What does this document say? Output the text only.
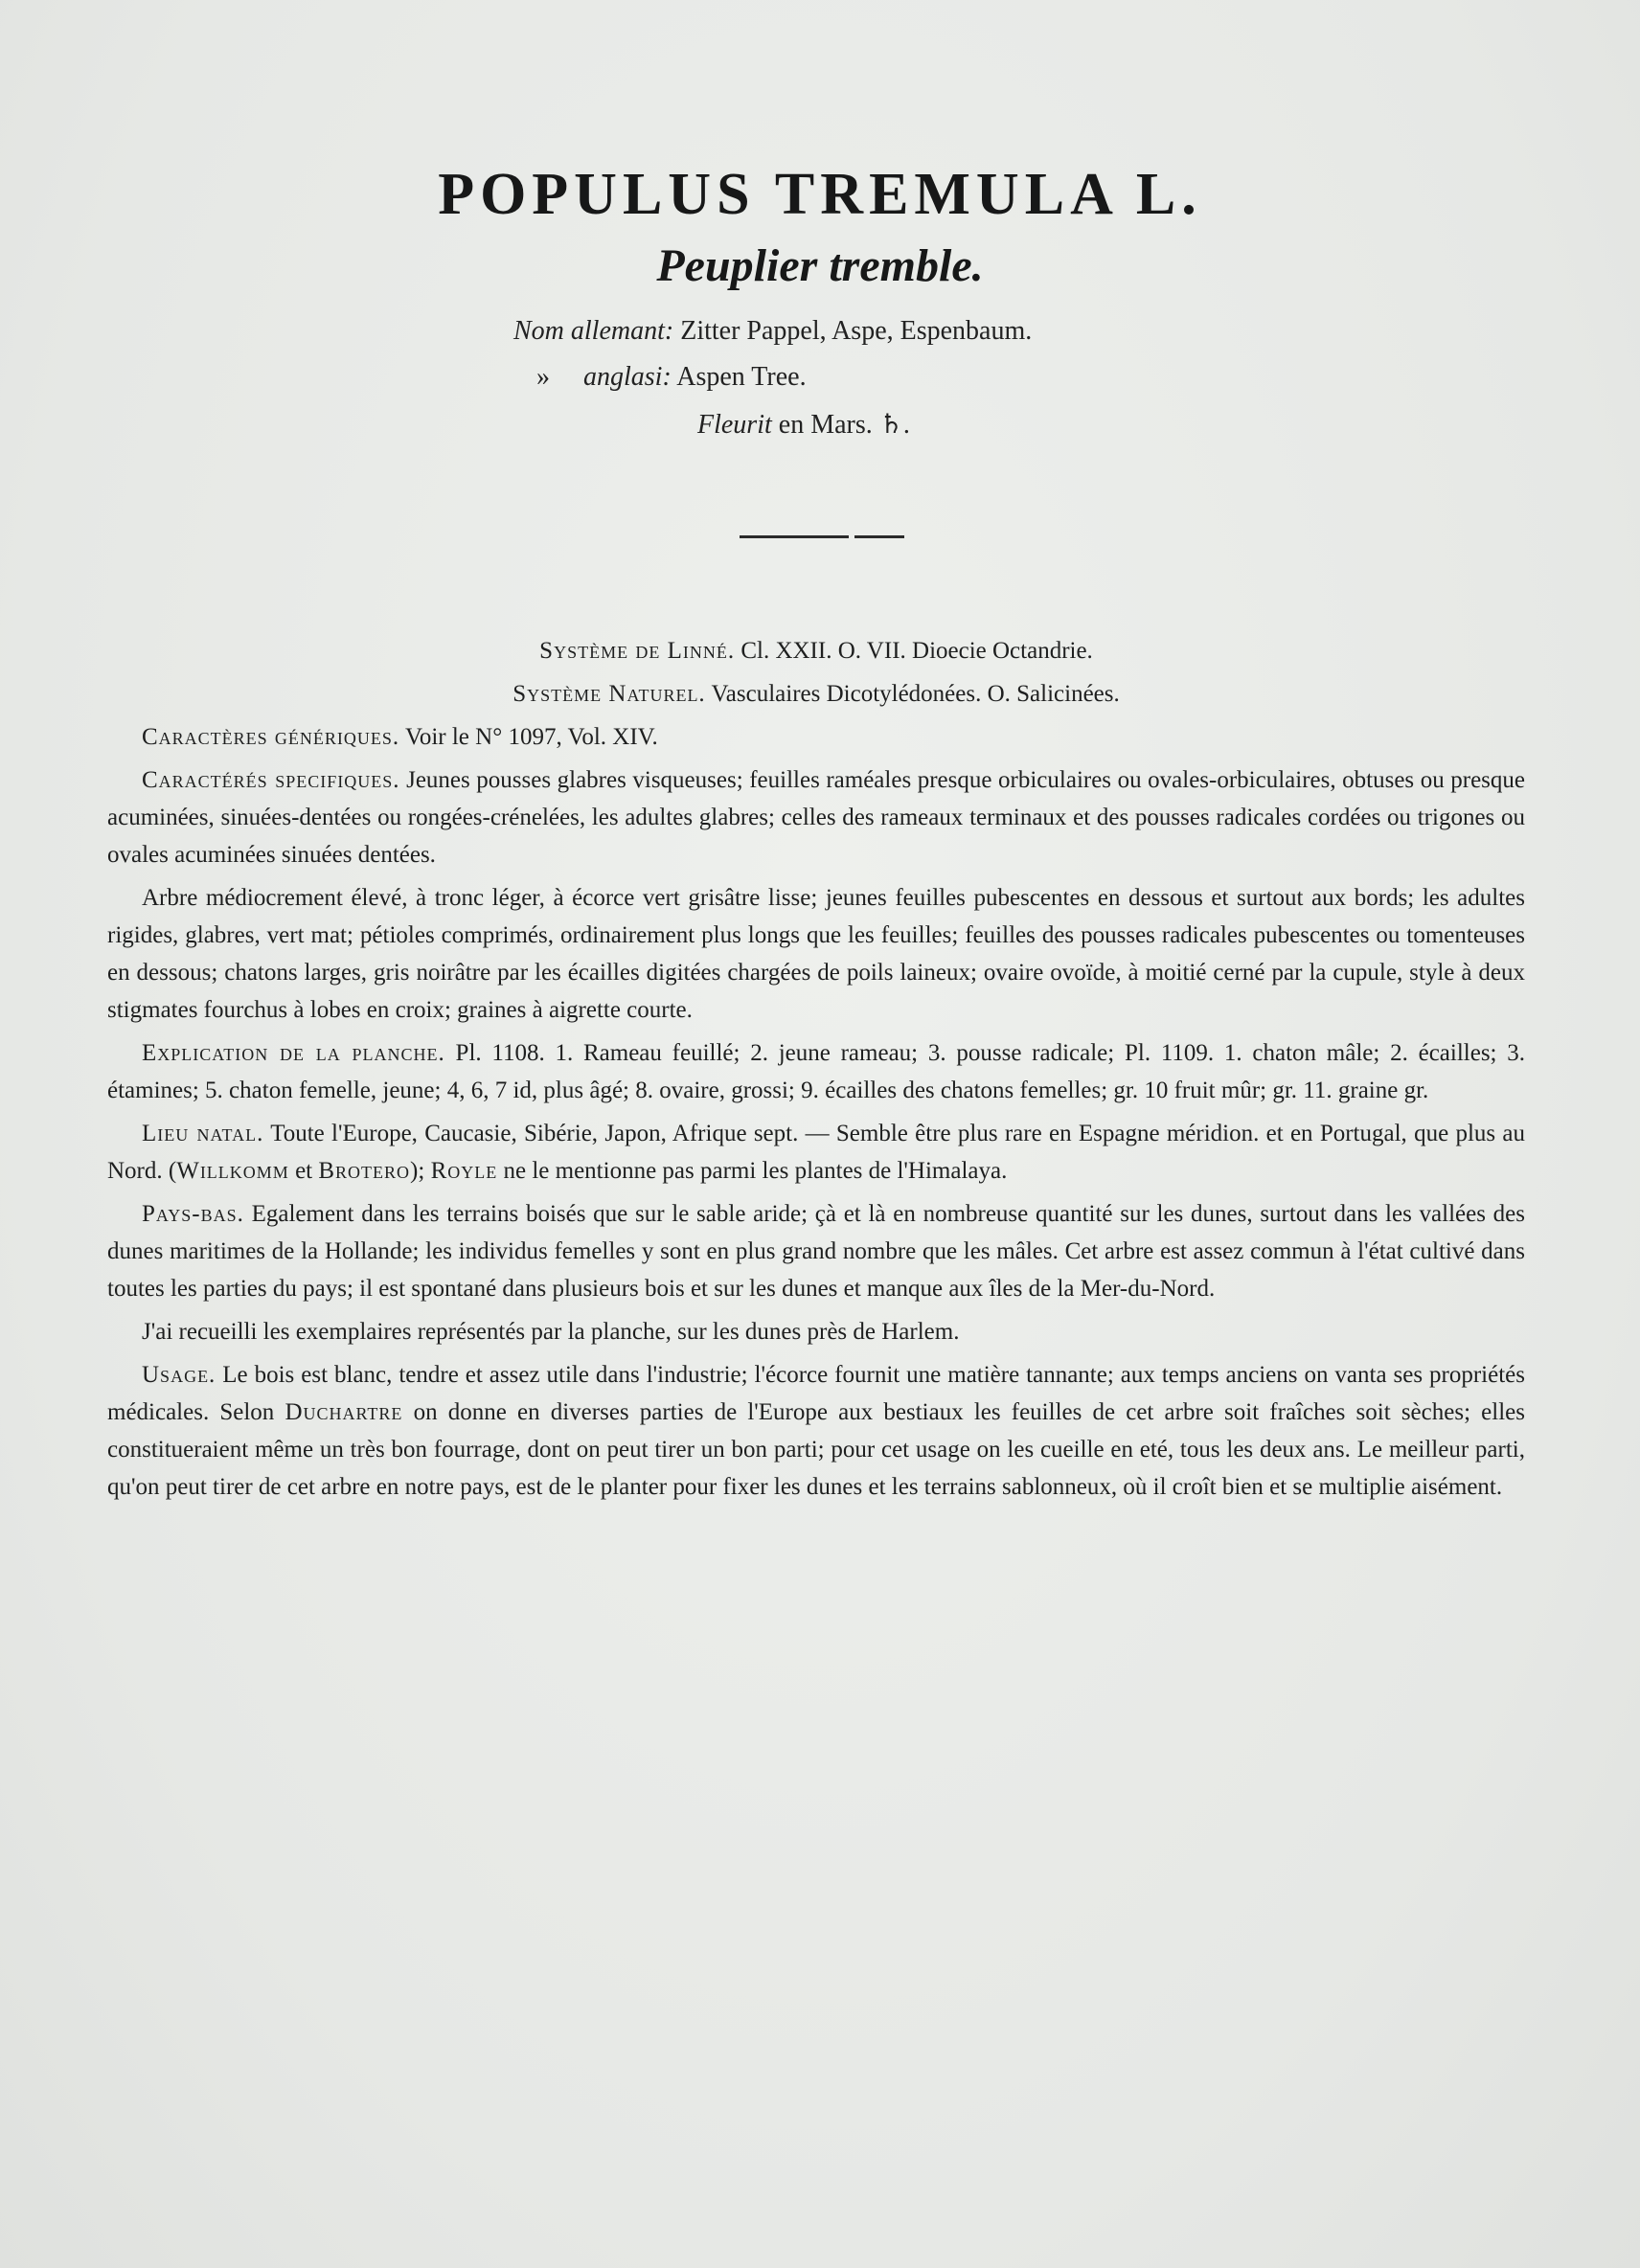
POPULUS TREMULA L.
Peuplier tremble.
Nom allemant: Zitter Pappel, Aspe, Espenbaum.
» anglasi: Aspen Tree.
Fleurit en Mars. ♄.

Système de Linné. Cl. XXII. O. VII. Dioecie Octandrie.

Système Naturel. Vasculaires Dicotylédonées. O. Salicinées.

Caractères génériques. Voir le N° 1097, Vol. XIV.

Caractérés specifiques. Jeunes pousses glabres visqueuses; feuilles raméales presque orbiculaires ou ovales-orbiculaires, obtuses ou presque acuminées, sinuées-dentées ou rongées-crénelées, les adultes glabres; celles des rameaux terminaux et des pousses radicales cordées ou trigones ou ovales acuminées sinuées dentées.

Arbre médiocrement élevé, à tronc léger, à écorce vert grisâtre lisse; jeunes feuilles pubescentes en dessous et surtout aux bords; les adultes rigides, glabres, vert mat; pétioles comprimés, ordinairement plus longs que les feuilles; feuilles des pousses radicales pubescentes ou tomenteuses en dessous; chatons larges, gris noirâtre par les écailles digitées chargées de poils laineux; ovaire ovoïde, à moitié cerné par la cupule, style à deux stigmates fourchus à lobes en croix; graines à aigrette courte.

Explication de la planche. Pl. 1108. 1. Rameau feuillé; 2. jeune rameau; 3. pousse radicale; Pl. 1109. 1. chaton mâle; 2. écailles; 3. étamines; 5. chaton femelle, jeune; 4, 6, 7 id, plus âgé; 8. ovaire, grossi; 9. écailles des chatons femelles; gr. 10 fruit mûr; gr. 11. graine gr.

Lieu natal. Toute l'Europe, Caucasie, Sibérie, Japon, Afrique sept. — Semble être plus rare en Espagne méridion. et en Portugal, que plus au Nord. (Willkomm et Brotero); Royle ne le mentionne pas parmi les plantes de l'Himalaya.

Pays-bas. Egalement dans les terrains boisés que sur le sable aride; çà et là en nombreuse quantité sur les dunes, surtout dans les vallées des dunes maritimes de la Hollande; les individus femelles y sont en plus grand nombre que les mâles. Cet arbre est assez commun à l'état cultivé dans toutes les parties du pays; il est spontané dans plusieurs bois et sur les dunes et manque aux îles de la Mer-du-Nord.

J'ai recueilli les exemplaires représentés par la planche, sur les dunes près de Harlem.

Usage. Le bois est blanc, tendre et assez utile dans l'industrie; l'écorce fournit une matière tannante; aux temps anciens on vanta ses propriétés médicales. Selon Duchartre on donne en diverses parties de l'Europe aux bestiaux les feuilles de cet arbre soit fraîches soit sèches; elles constitueraient même un très bon fourrage, dont on peut tirer un bon parti; pour cet usage on les cueille en eté, tous les deux ans. Le meilleur parti, qu'on peut tirer de cet arbre en notre pays, est de le planter pour fixer les dunes et les terrains sablonneux, où il croît bien et se multiplie aisément.
